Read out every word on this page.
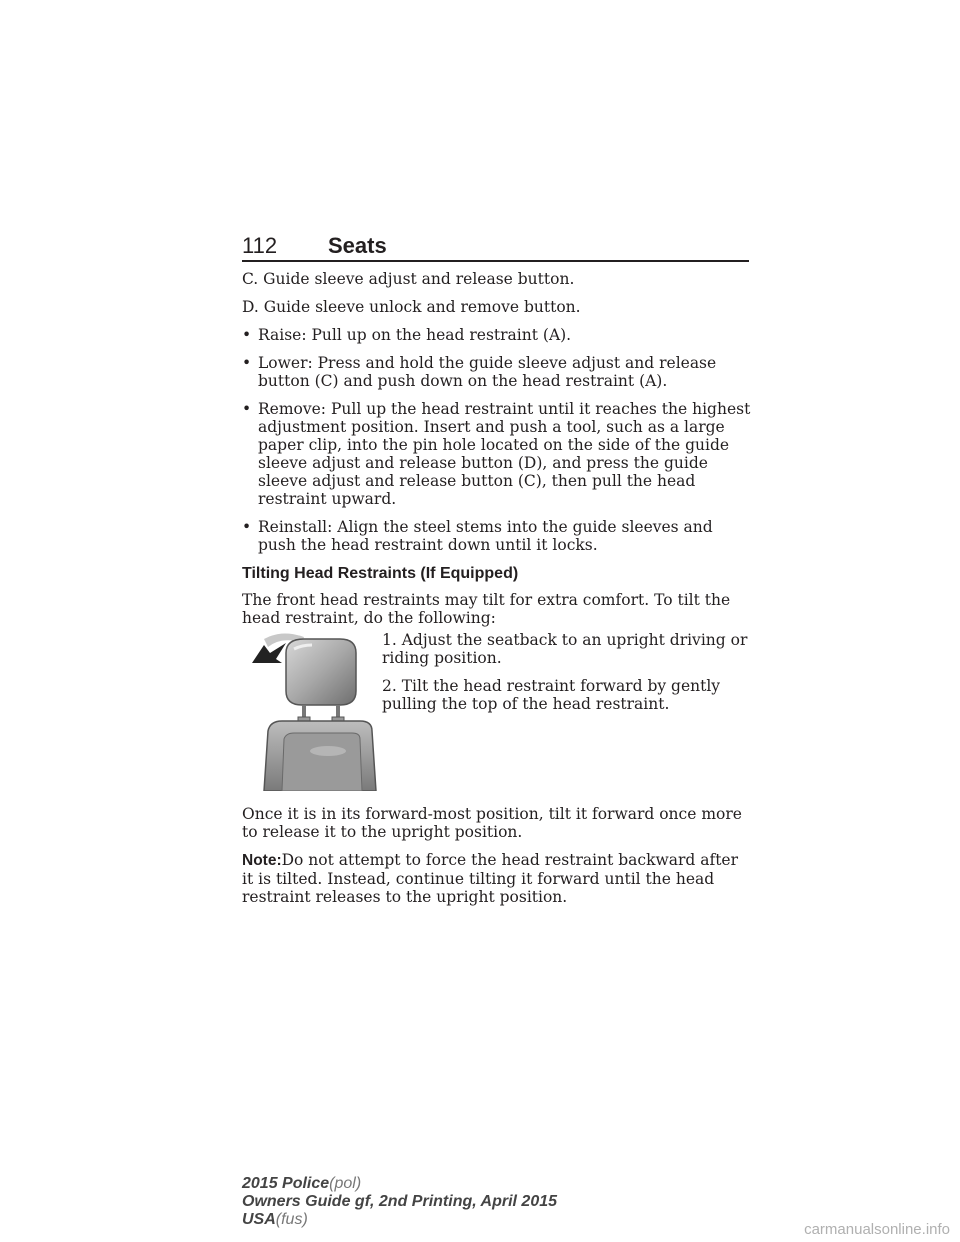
112 Seats

C. Guide sleeve adjust and release button.

D. Guide sleeve unlock and remove button.

• Raise: Pull up on the head restraint (A).
• Lower: Press and hold the guide sleeve adjust and release button (C) and push down on the head restraint (A).
• Remove: Pull up the head restraint until it reaches the highest adjustment position. Insert and push a tool, such as a large paper clip, into the pin hole located on the side of the guide sleeve adjust and release button (D), and press the guide sleeve adjust and release button (C), then pull the head restraint upward.
• Reinstall: Align the steel stems into the guide sleeves and push the head restraint down until it locks.
Tilting Head Restraints (If Equipped)

The front head restraints may tilt for extra comfort. To tilt the head restraint, do the following:

1. Adjust the seatback to an upright driving or riding position.

2. Tilt the head restraint forward by gently pulling the top of the head restraint.

Once it is in its forward-most position, tilt it forward once more to release it to the upright position.

Note:Do not attempt to force the head restraint backward after it is tilted. Instead, continue tilting it forward until the head restraint releases to the upright position.

2015 Police(pol)
Owners Guide gf, 2nd Printing, April 2015
USA(fus)
carmanualsonline.info
